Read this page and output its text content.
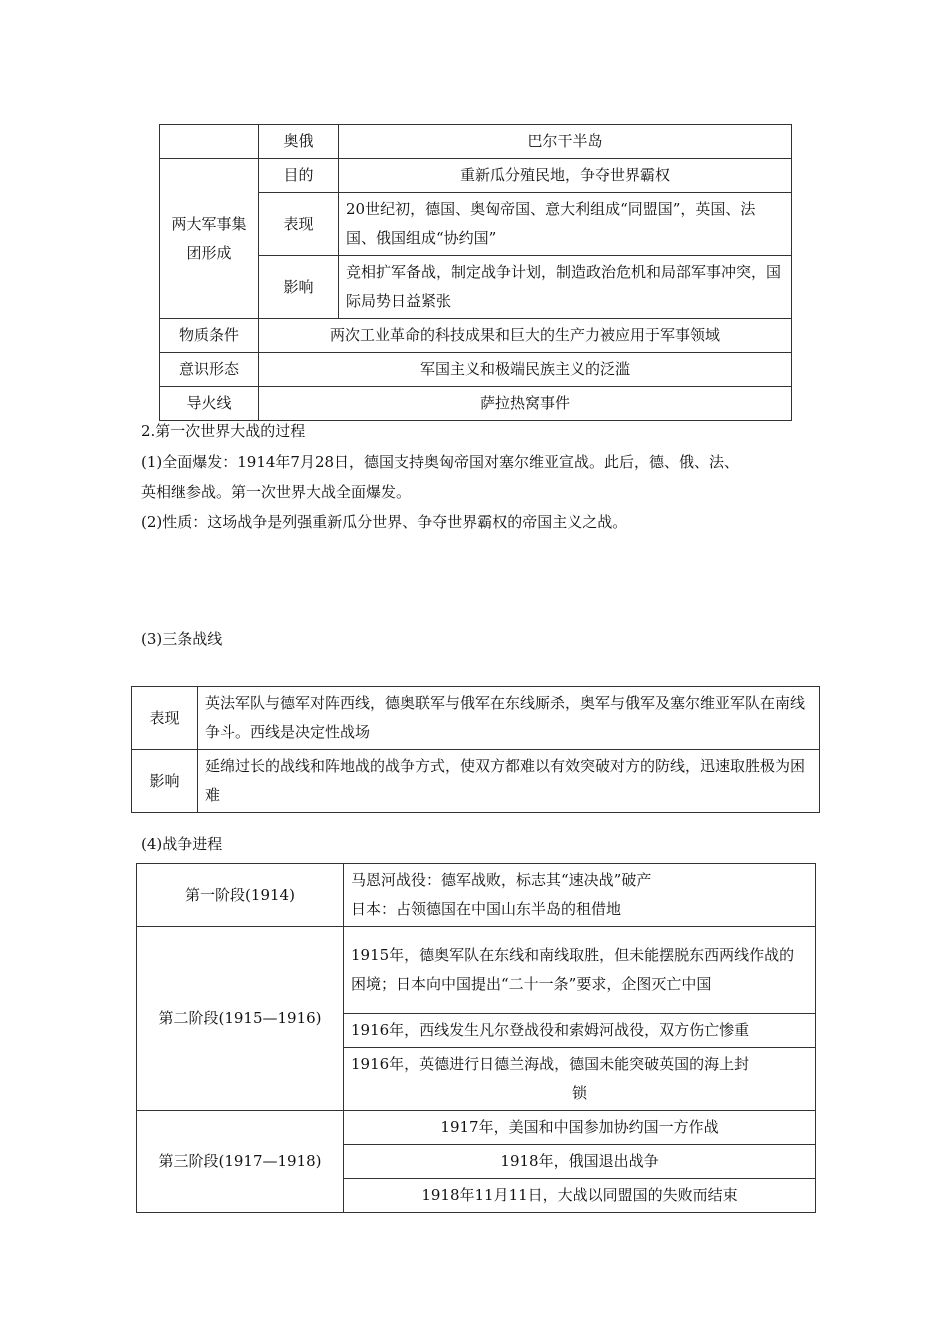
	奥俄	巴尔干半岛
两大军事集团形成	目的	重新瓜分殖民地，争夺世界霸权
	表现	20世纪初，德国、奥匈帝国、意大利组成“同盟国”，英国、法国、俄国组成“协约国”
	影响	竞相扩军备战，制定战争计划，制造政治危机和局部军事冲突，国际局势日益紧张
物质条件	两次工业革命的科技成果和巨大的生产力被应用于军事领域	
意识形态	军国主义和极端民族主义的泛滥	
导火线	萨拉热窝事件	

2.第一次世界大战的过程

(1)全面爆发：1914年7月28日，德国支持奥匈帝国对塞尔维亚宣战。此后，德、俄、法、

英相继参战。第一次世界大战全面爆发。

(2)性质：这场战争是列强重新瓜分世界、争夺世界霸权的帝国主义之战。

(3)三条战线

表现	英法军队与德军对阵西线，德奥联军与俄军在东线厮杀，奥军与俄军及塞尔维亚军队在南线争斗。西线是决定性战场
影响	延绵过长的战线和阵地战的战争方式，使双方都难以有效突破对方的防线，迅速取胜极为困难

(4)战争进程

第一阶段(1914)	马恩河战役：德军战败，标志其“速决战”破产
日本：占领德国在中国山东半岛的租借地

第二阶段(1915—1916)	1915年，德奥军队在东线和南线取胜，但未能摆脱东西两线作战的困境；日本向中国提出“二十一条”要求，企图灭亡中国
	1916年，西线发生凡尔登战役和索姆河战役，双方伤亡惨重

	1916年，英德进行日德兰海战，德国未能突破英国的海上封
锁

第三阶段(1917—1918)	1917年，美国和中国参加协约国一方作战
	1918年，俄国退出战争
	1918年11月11日，大战以同盟国的失败而结束
